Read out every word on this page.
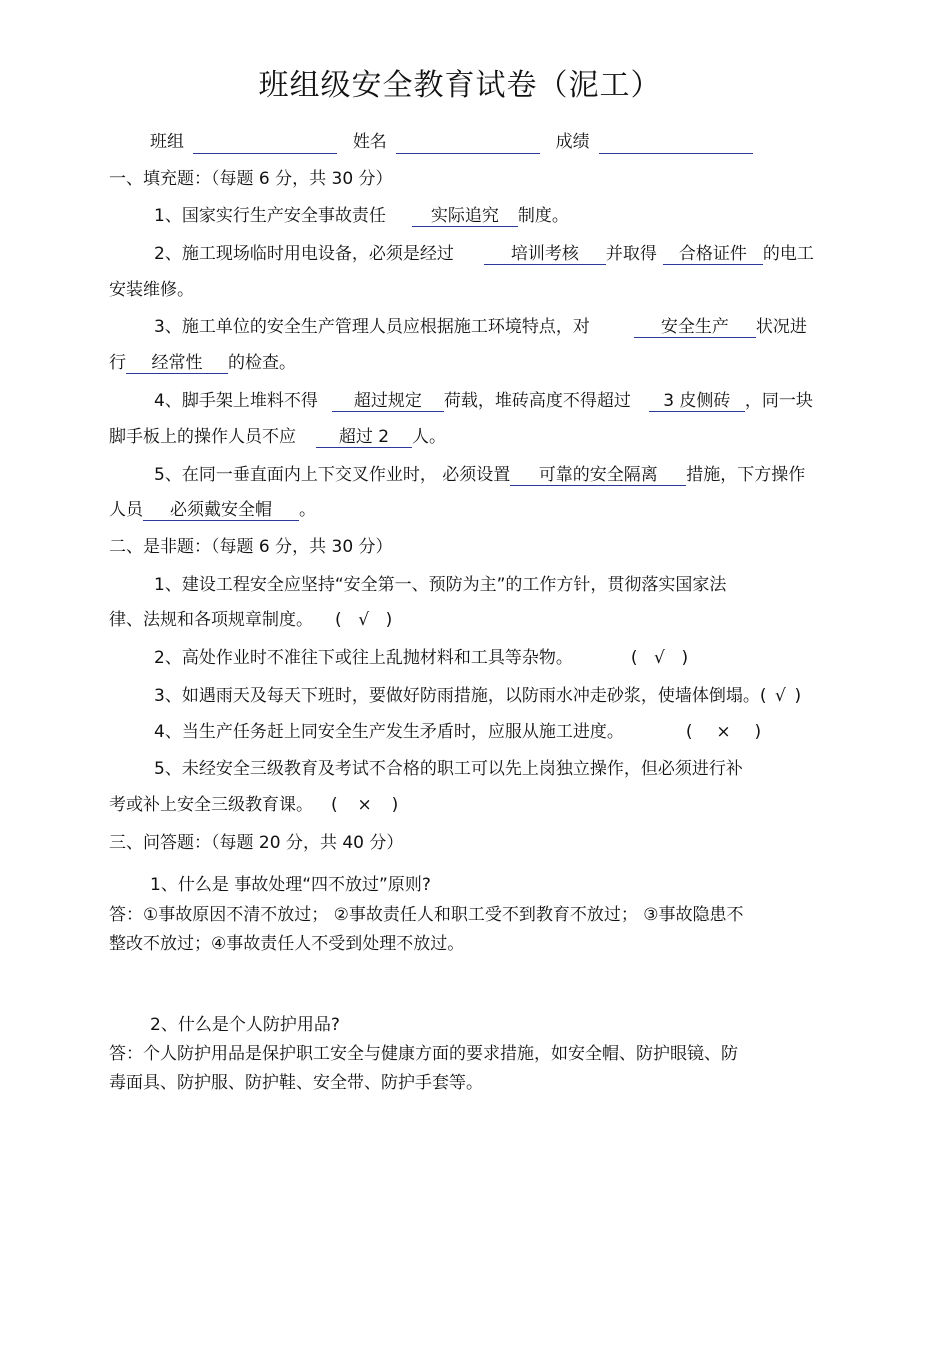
班组级安全教育试卷（泥工）
班组	姓名	成绩
一、填充题：（每题 6 分，共 30 分）
1、国家实行生产安全事故责任	实际追究 制度。
2、施工现场临时用电设备，必须是经过	培训考核 并取得 合格证件 的电工
安装维修。
3、施工单位的安全生产管理人员应根据施工环境特点，对	安全生产 状况进
行 经常性 的检查。
4、脚手架上堆料不得 超过规定 荷载，堆砖高度不得超过 3 皮侧砖 ，同一块
脚手板上的操作人员不应	超过 2 人。
5、在同一垂直面内上下交叉作业时， 必须设置 可靠的安全隔离 措施，下方操作
人员 必须戴安全帽 。
二、是非题：（每题 6 分，共 30 分）
1、建设工程安全应坚持“安全第一、预防为主”的工作方针，贯彻落实国家法
律、法规和各项规章制度。 ( √ )
2、高处作业时不准往下或往上乱抛材料和工具等杂物。	( √ )
3、如遇雨天及每天下班时，要做好防雨措施，以防雨水冲走砂浆，使墙体倒塌。( √ )
4、当生产任务赶上同安全生产发生矛盾时，应服从施工进度。	( × )
5、未经安全三级教育及考试不合格的职工可以先上岗独立操作，但必须进行补
考或补上安全三级教育课。 ( × )
三、问答题：（每题 20 分，共 40 分）
1、什么是 事故处理“四不放过”原则?
答：①事故原因不清不放过； ②事故责任人和职工受不到教育不放过； ③事故隐患不
整改不放过；④事故责任人不受到处理不放过。
2、什么是个人防护用品?
答：个人防护用品是保护职工安全与健康方面的要求措施，如安全帽、防护眼镜、防
毒面具、防护服、防护鞋、安全带、防护手套等。
